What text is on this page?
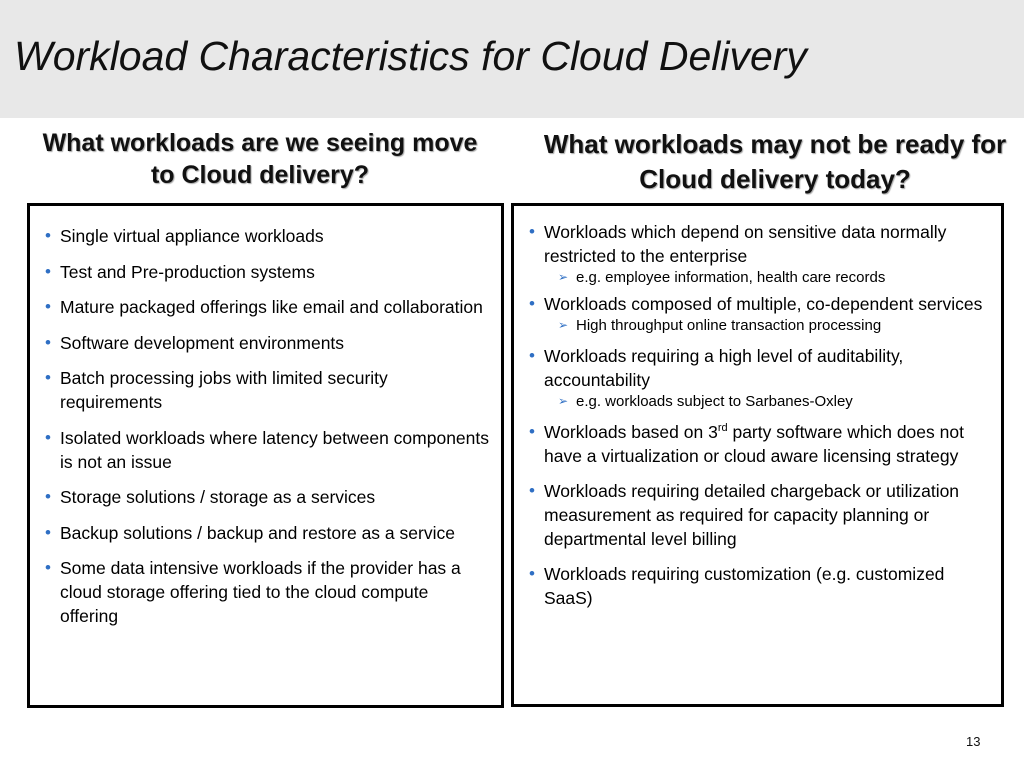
Workload Characteristics for Cloud Delivery
What workloads are we seeing move to Cloud delivery?
What workloads may not be ready for Cloud delivery today?
• Single virtual appliance workloads
• Test and Pre-production systems
• Mature packaged offerings like email and collaboration
• Software development environments
• Batch processing jobs with limited security requirements
• Isolated workloads where latency between components is not an issue
• Storage solutions / storage as a services
• Backup solutions / backup and restore as a service
• Some data intensive workloads if the provider has a cloud storage offering tied to the cloud compute offering
• Workloads which depend on sensitive data normally restricted to the enterprise
➢ e.g. employee information, health care records
• Workloads composed of multiple, co-dependent services
➢ High throughput online transaction processing
• Workloads requiring a high level of auditability, accountability
➢ e.g. workloads subject to Sarbanes-Oxley
• Workloads based on 3rd party software which does not have a virtualization or cloud aware licensing strategy
• Workloads requiring detailed chargeback or utilization measurement as required for capacity planning or departmental level billing
• Workloads requiring customization (e.g. customized SaaS)
13
